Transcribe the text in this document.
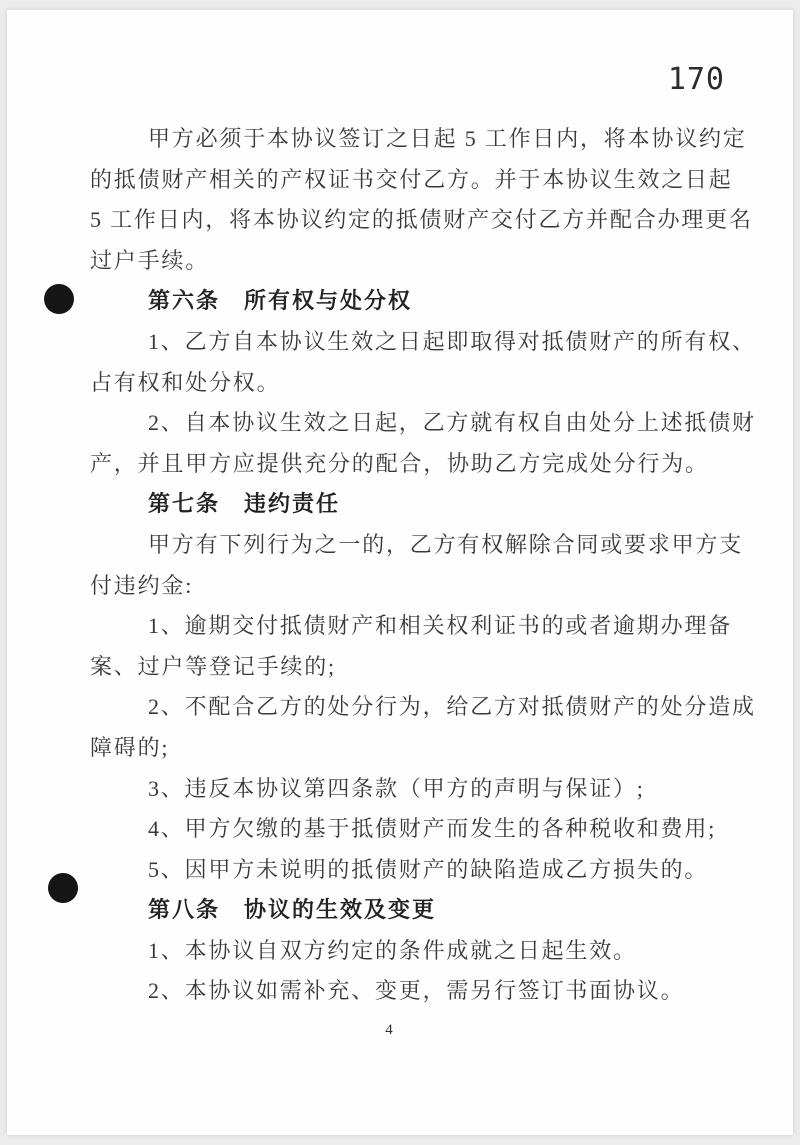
170
甲方必须于本协议签订之日起 5 工作日内，将本协议约定
的抵债财产相关的产权证书交付乙方。并于本协议生效之日起
5 工作日内，将本协议约定的抵债财产交付乙方并配合办理更名
过户手续。
第六条　所有权与处分权
1、乙方自本协议生效之日起即取得对抵债财产的所有权、
占有权和处分权。
2、自本协议生效之日起，乙方就有权自由处分上述抵债财
产，并且甲方应提供充分的配合，协助乙方完成处分行为。
第七条　违约责任
甲方有下列行为之一的，乙方有权解除合同或要求甲方支
付违约金:
1、逾期交付抵债财产和相关权利证书的或者逾期办理备
案、过户等登记手续的;
2、不配合乙方的处分行为，给乙方对抵债财产的处分造成
障碍的;
3、违反本协议第四条款（甲方的声明与保证）;
4、甲方欠缴的基于抵债财产而发生的各种税收和费用;
5、因甲方未说明的抵债财产的缺陷造成乙方损失的。
第八条　协议的生效及变更
1、本协议自双方约定的条件成就之日起生效。
2、本协议如需补充、变更，需另行签订书面协议。
4
